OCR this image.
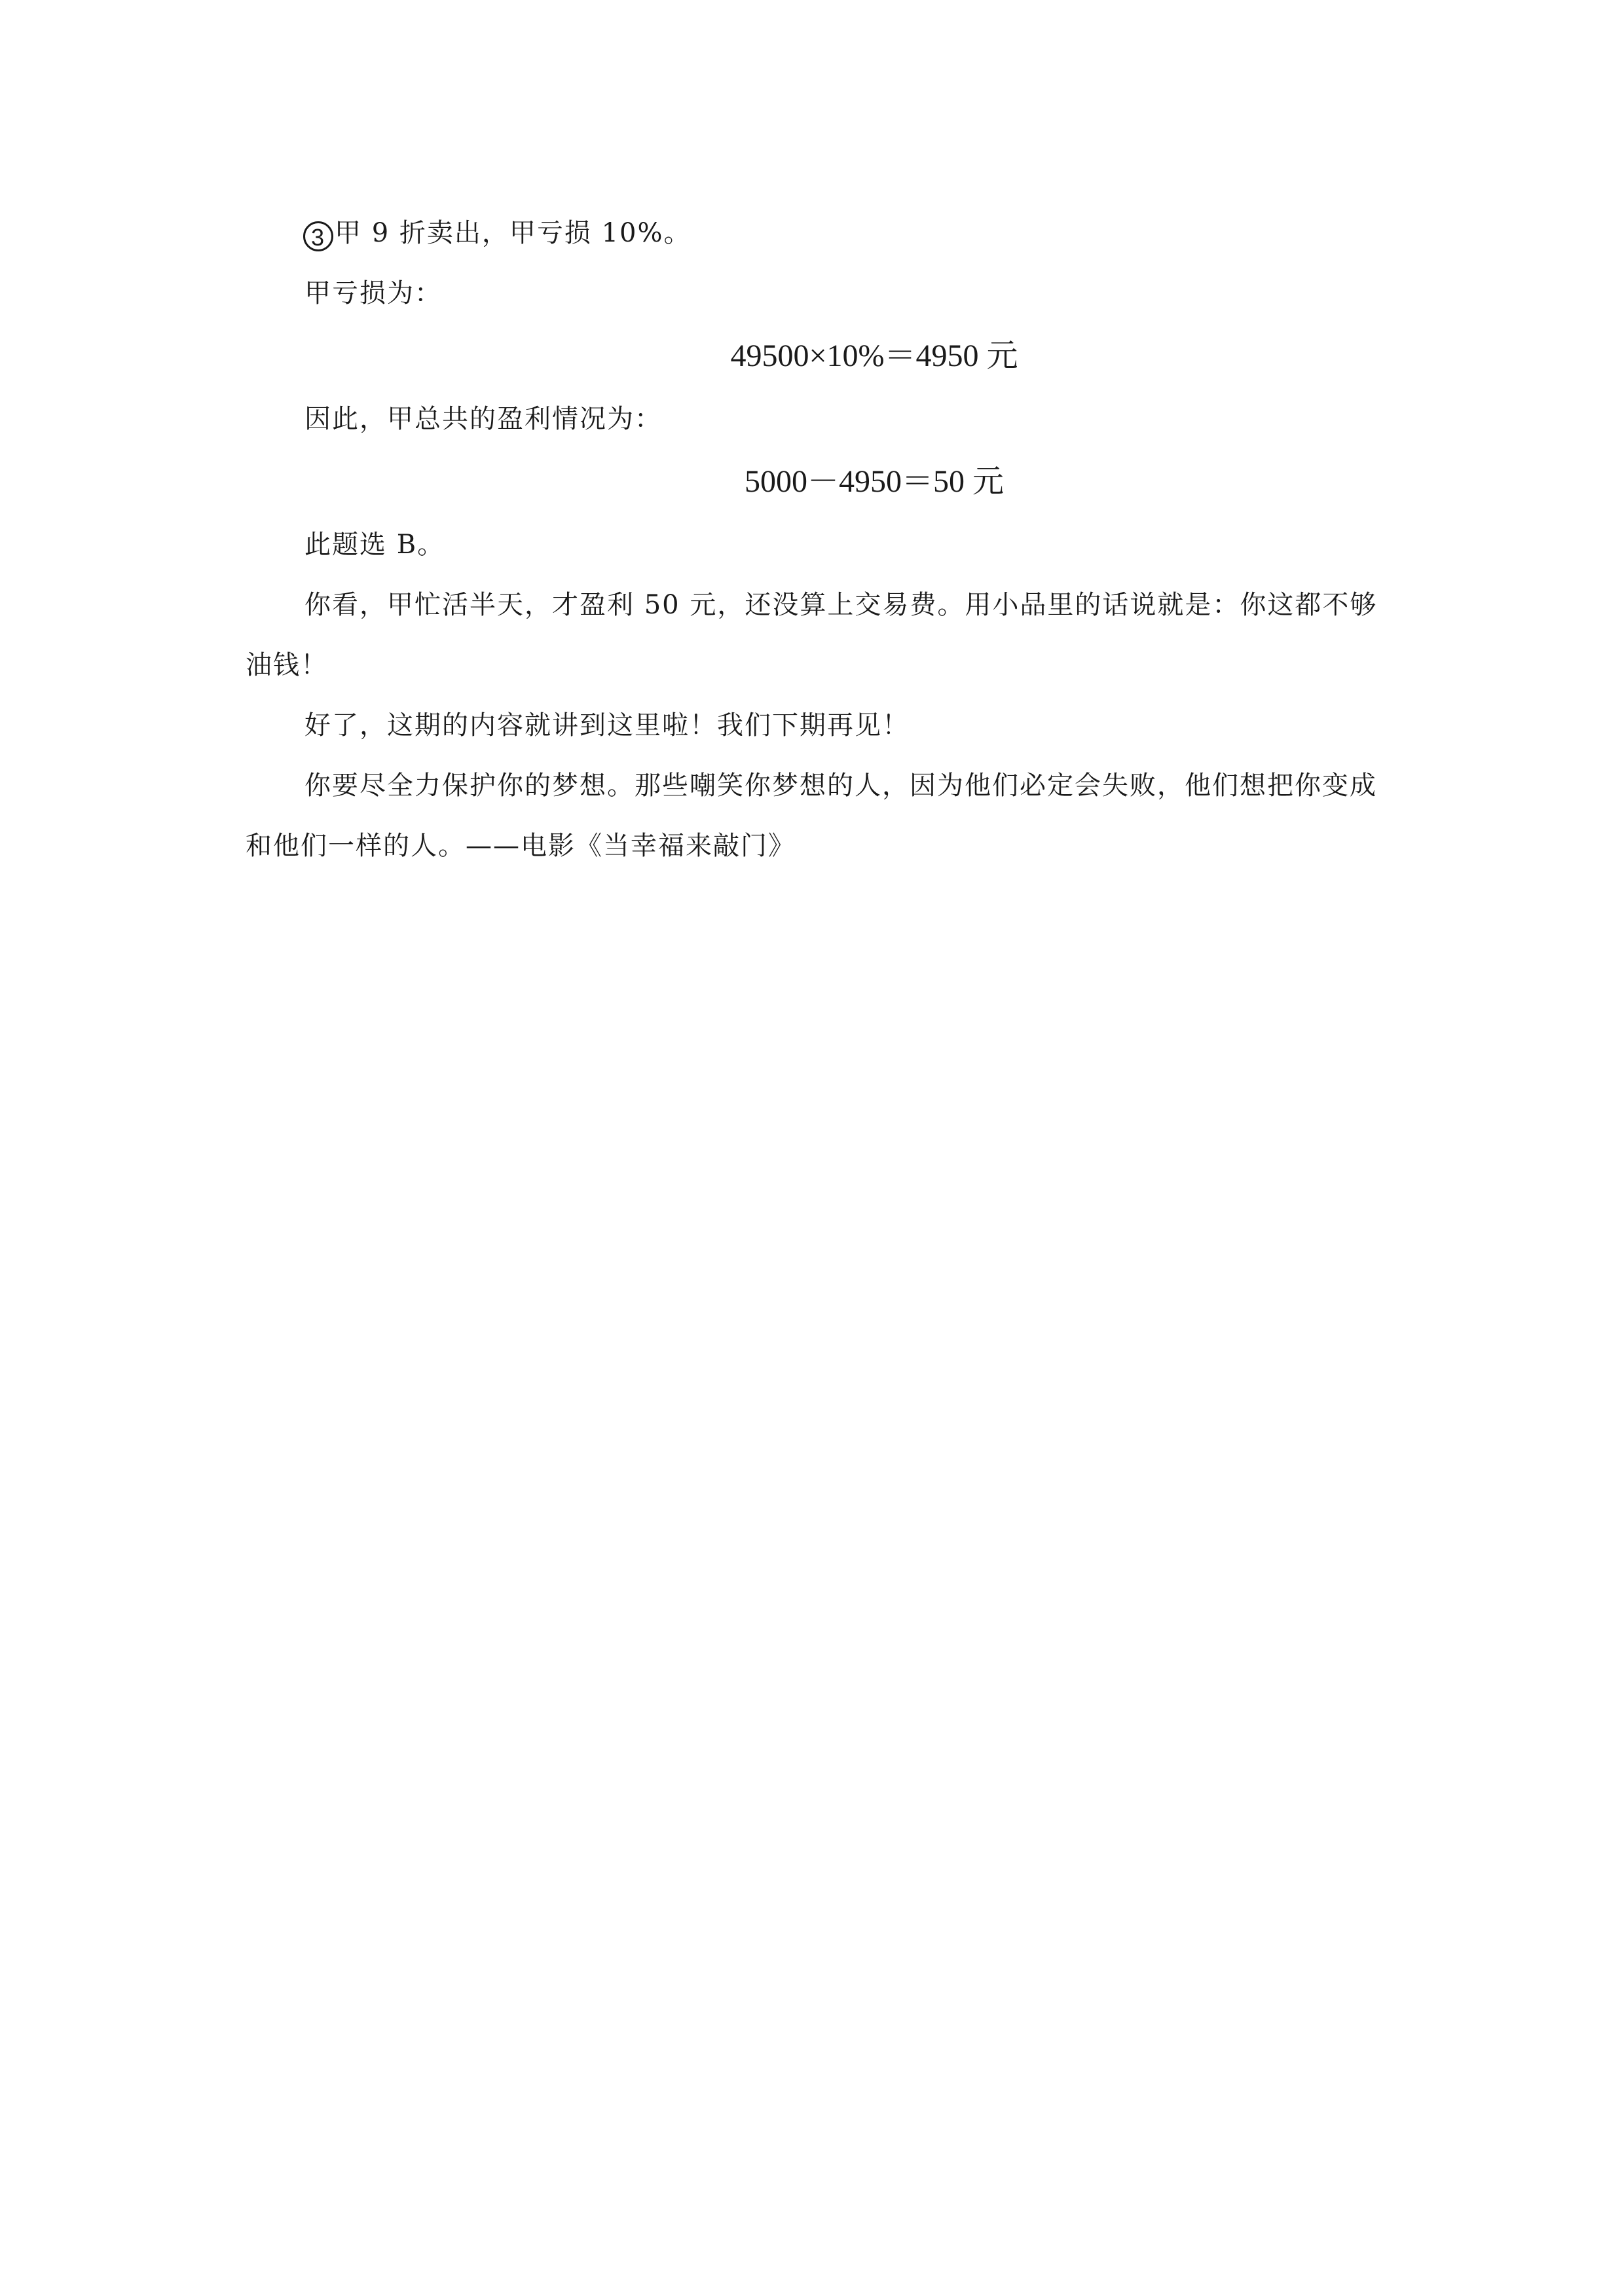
3 甲 9 折卖出，甲亏损 10%。

甲亏损为：

49500×10%＝4950 元

因此，甲总共的盈利情况为：

5000－4950＝50 元

此题选 B。

你看，甲忙活半天，才盈利 50 元，还没算上交易费。用小品里的话说就是：你这都不够油钱！

好了，这期的内容就讲到这里啦！我们下期再见！

你要尽全力保护你的梦想。那些嘲笑你梦想的人，因为他们必定会失败，他们想把你变成和他们一样的人。——电影《当幸福来敲门》
